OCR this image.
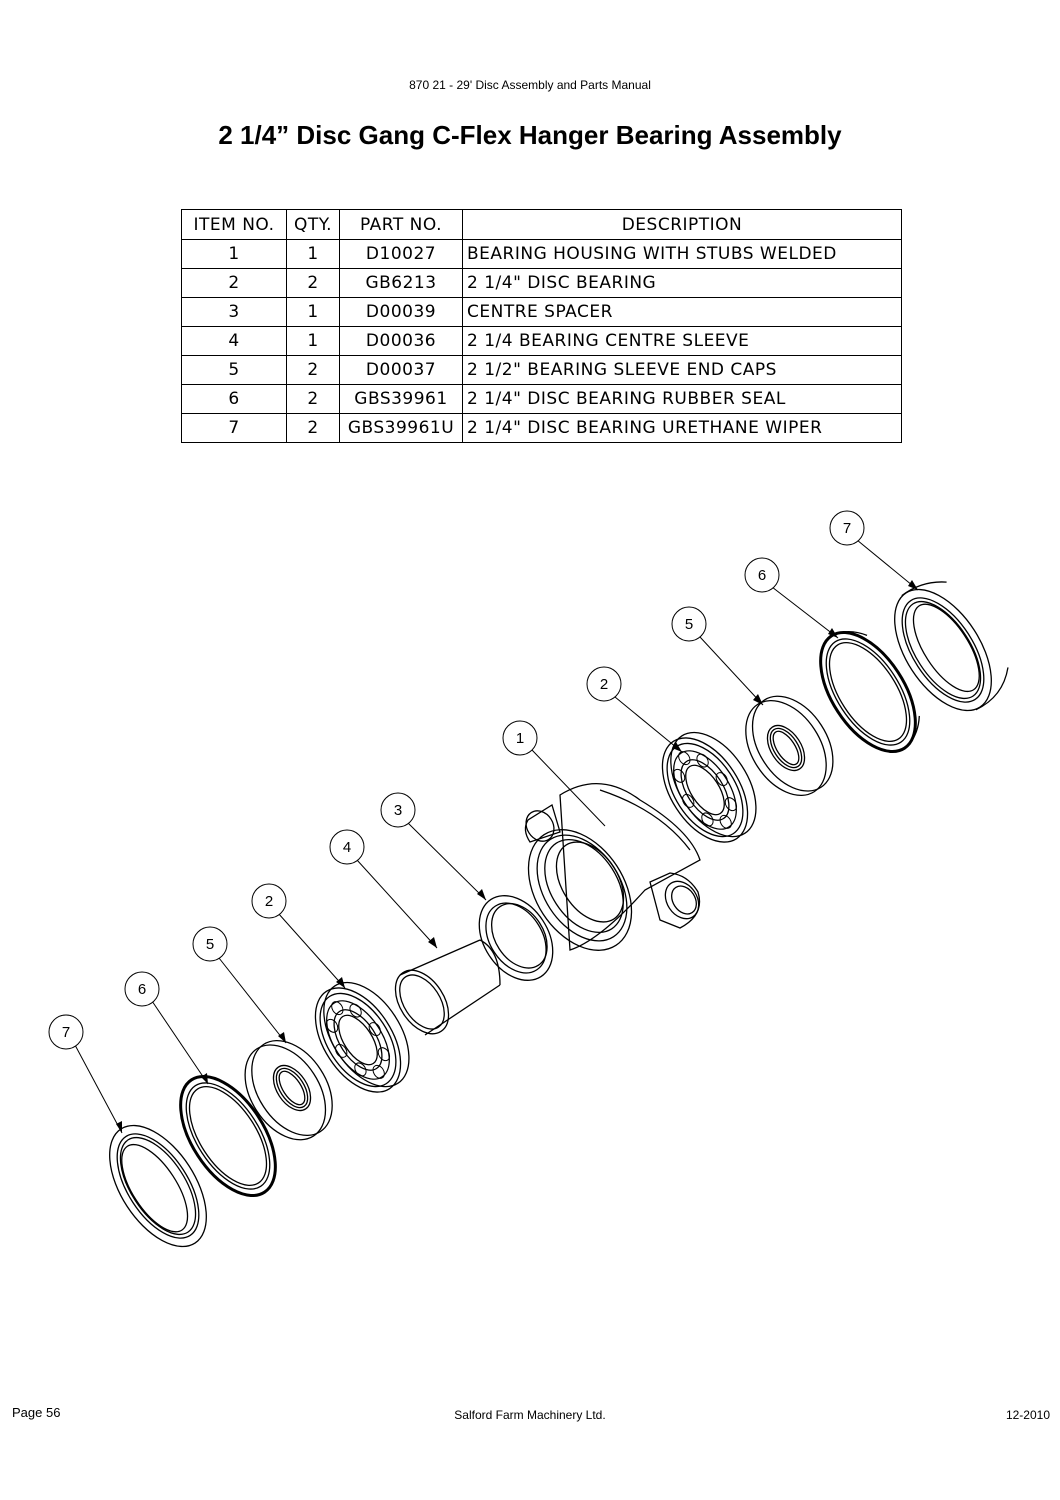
870 21 - 29' Disc Assembly and Parts Manual
2 1/4” Disc Gang C-Flex Hanger Bearing Assembly
ITEM NO.	QTY.	PART NO.	DESCRIPTION
1	1	D10027	BEARING HOUSING WITH STUBS WELDED
2	2	GB6213	2 1/4" DISC BEARING
3	1	D00039	CENTRE SPACER
4	1	D00036	2 1/4 BEARING CENTRE SLEEVE
5	2	D00037	2 1/2" BEARING SLEEVE END CAPS
6	2	GBS39961	2 1/4" DISC BEARING RUBBER SEAL
7	2	GBS39961U	2 1/4" DISC BEARING URETHANE WIPER
7
6
5
2
1
3
4
2
5
6
7
Page 56	Salford Farm Machinery Ltd.	12-2010
